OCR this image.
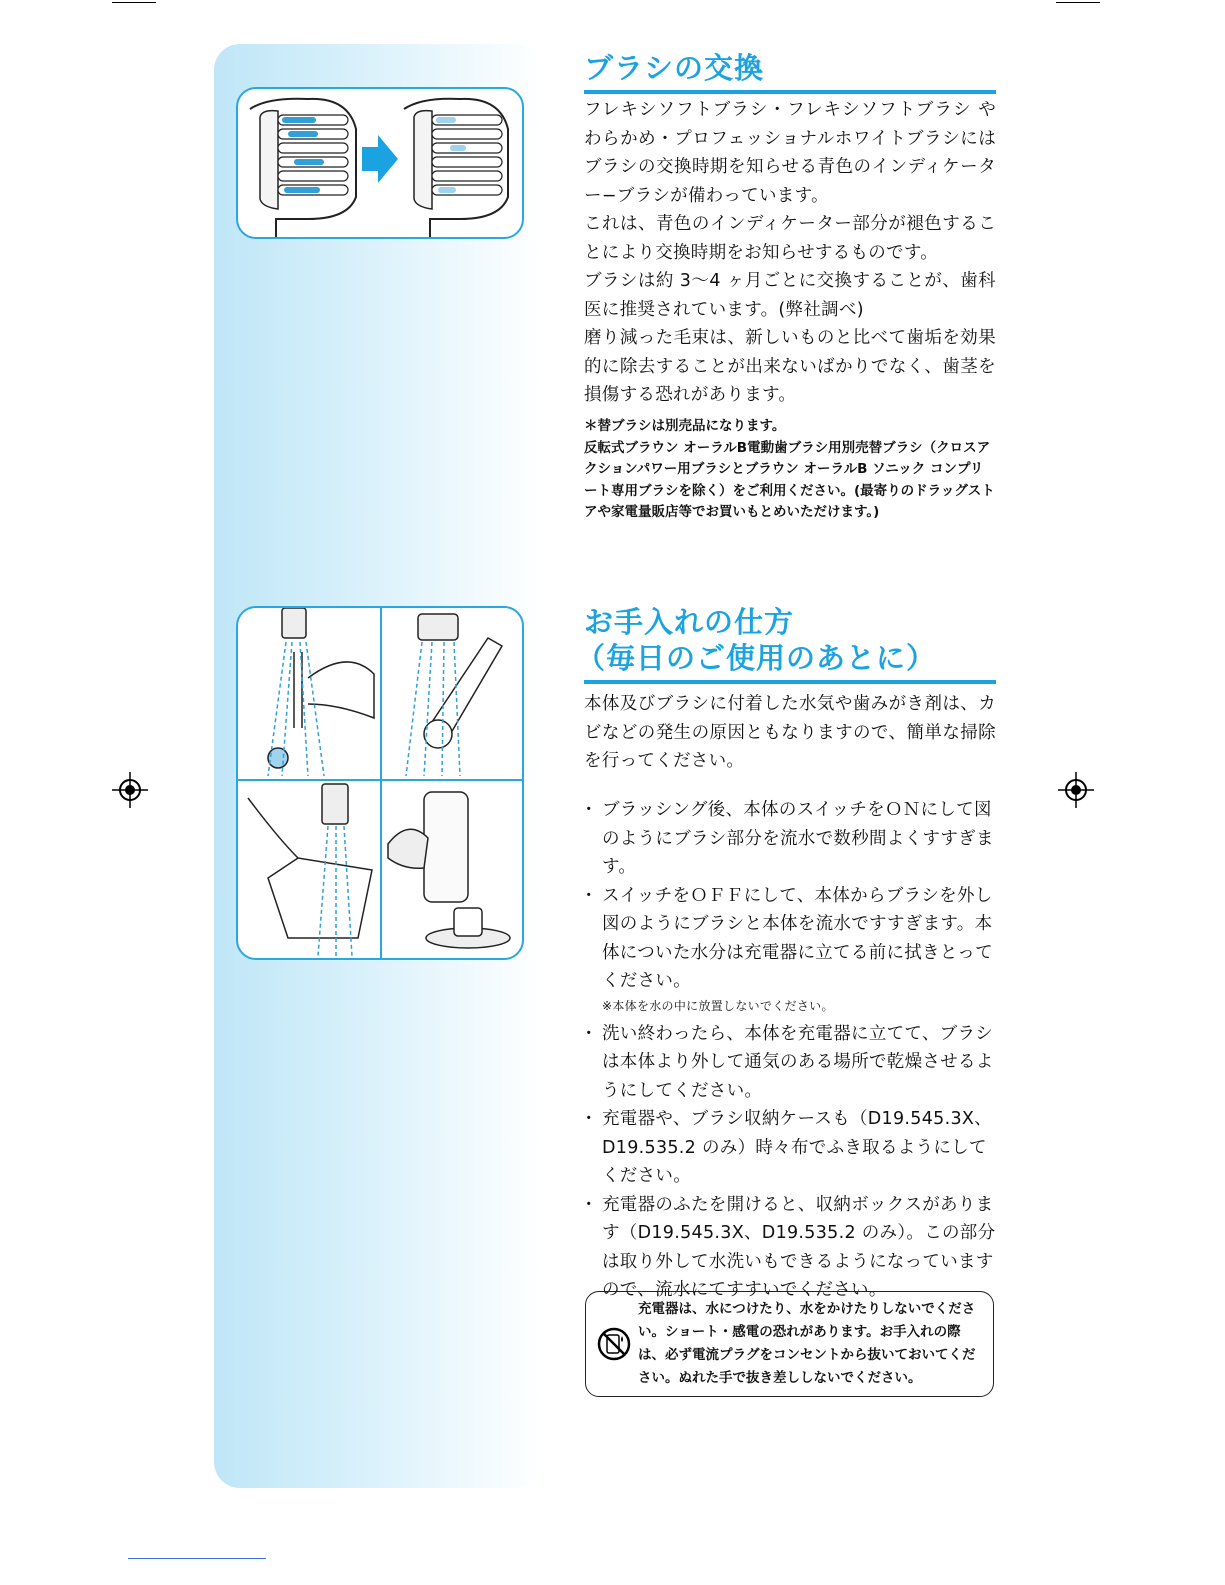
ブラシの交換

フレキシソフトブラシ・フレキシソフトブラシ や わらかめ・プロフェッショナルホワイトブラシにはブラシの交換時期を知らせる青色のインディケーター−ブラシが備わっています。

これは、青色のインディケーター部分が褪色することにより交換時期をお知らせするものです。

ブラシは約 3〜4 ヶ月ごとに交換することが、歯科医に推奨されています。(弊社調べ)

磨り減った毛束は、新しいものと比べて歯垢を効果的に除去することが出来ないばかりでなく、歯茎を損傷する恐れがあります。

＊替ブラシは別売品になります。
反転式ブラウン オーラルB電動歯ブラシ用別売替ブラシ（クロスアクションパワー用ブラシとブラウン オーラルB ソニック コンプリート専用ブラシを除く）をご利用ください。(最寄りのドラッグストアや家電量販店等でお買いもとめいただけます。)

お手入れの仕方
（毎日のご使用のあとに）

本体及びブラシに付着した水気や歯みがき剤は、カビなどの発生の原因ともなりますので、簡単な掃除を行ってください。

・ ブラッシング後、本体のスイッチをＯＮにして図のようにブラシ部分を流水で数秒間よくすすぎます。
・ スイッチをＯＦＦにして、本体からブラシを外し図のようにブラシと本体を流水ですすぎます。本体についた水分は充電器に立てる前に拭きとってください。
※本体を水の中に放置しないでください。
・ 洗い終わったら、本体を充電器に立てて、ブラシは本体より外して通気のある場所で乾燥させるようにしてください。
・ 充電器や、ブラシ収納ケースも（D19.545.3X、D19.535.2 のみ）時々布でふき取るようにしてください。
・ 充電器のふたを開けると、収納ボックスがあります（D19.545.3X、D19.535.2 のみ）。この部分は取り外して水洗いもできるようになっていますので、流水にてすすいでください。

充電器は、水につけたり、水をかけたりしないでください。ショート・感電の恐れがあります。お手入れの際は、必ず電流プラグをコンセントから抜いておいてください。ぬれた手で抜き差ししないでください。
